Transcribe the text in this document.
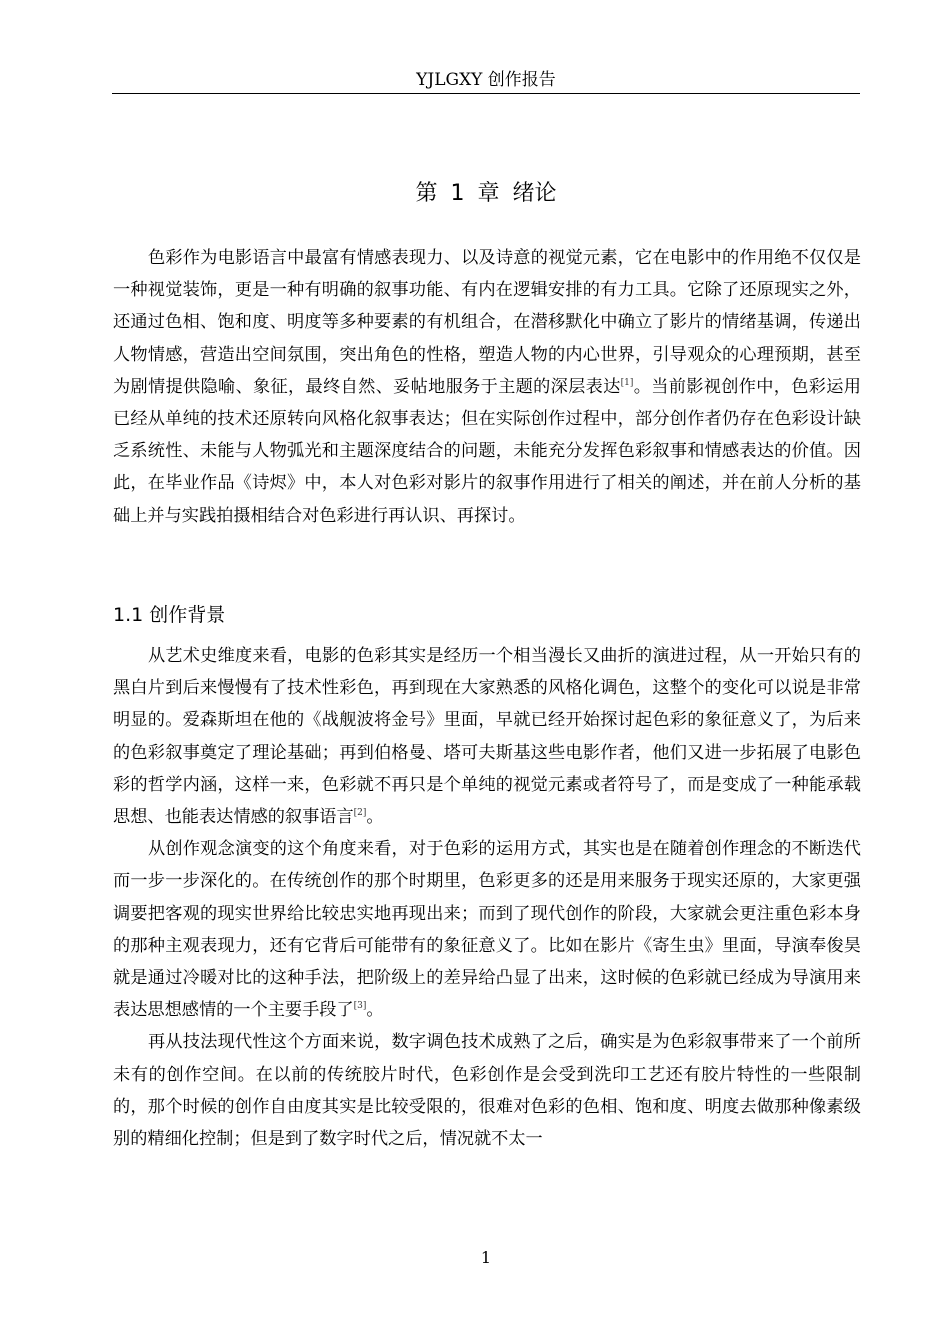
YJLGXY 创作报告
第 1 章 绪论

色彩作为电影语言中最富有情感表现力、以及诗意的视觉元素，它在电影中的作用绝不仅仅是一种视觉装饰，更是一种有明确的叙事功能、有内在逻辑安排的有力工具。它除了还原现实之外，还通过色相、饱和度、明度等多种要素的有机组合，在潜移默化中确立了影片的情绪基调，传递出人物情感，营造出空间氛围，突出角色的性格，塑造人物的内心世界，引导观众的心理预期，甚至为剧情提供隐喻、象征，最终自然、妥帖地服务于主题的深层表达[1]。当前影视创作中，色彩运用已经从单纯的技术还原转向风格化叙事表达；但在实际创作过程中，部分创作者仍存在色彩设计缺乏系统性、未能与人物弧光和主题深度结合的问题，未能充分发挥色彩叙事和情感表达的价值。因此，在毕业作品《诗烬》中，本人对色彩对影片的叙事作用进行了相关的阐述，并在前人分析的基础上并与实践拍摄相结合对色彩进行再认识、再探讨。

1.1 创作背景

从艺术史维度来看，电影的色彩其实是经历一个相当漫长又曲折的演进过程，从一开始只有的黑白片到后来慢慢有了技术性彩色，再到现在大家熟悉的风格化调色，这整个的变化可以说是非常明显的。爱森斯坦在他的《战舰波将金号》里面，早就已经开始探讨起色彩的象征意义了，为后来的色彩叙事奠定了理论基础；再到伯格曼、塔可夫斯基这些电影作者，他们又进一步拓展了电影色彩的哲学内涵，这样一来，色彩就不再只是个单纯的视觉元素或者符号了，而是变成了一种能承载思想、也能表达情感的叙事语言[2]。

从创作观念演变的这个角度来看，对于色彩的运用方式，其实也是在随着创作理念的不断迭代而一步一步深化的。在传统创作的那个时期里，色彩更多的还是用来服务于现实还原的，大家更强调要把客观的现实世界给比较忠实地再现出来；而到了现代创作的阶段，大家就会更注重色彩本身的那种主观表现力，还有它背后可能带有的象征意义了。比如在影片《寄生虫》里面，导演奉俊昊就是通过冷暖对比的这种手法，把阶级上的差异给凸显了出来，这时候的色彩就已经成为导演用来表达思想感情的一个主要手段了[3]。

再从技法现代性这个方面来说，数字调色技术成熟了之后，确实是为色彩叙事带来了一个前所未有的创作空间。在以前的传统胶片时代，色彩创作是会受到洗印工艺还有胶片特性的一些限制的，那个时候的创作自由度其实是比较受限的，很难对色彩的色相、饱和度、明度去做那种像素级别的精细化控制；但是到了数字时代之后，情况就不太一

1
